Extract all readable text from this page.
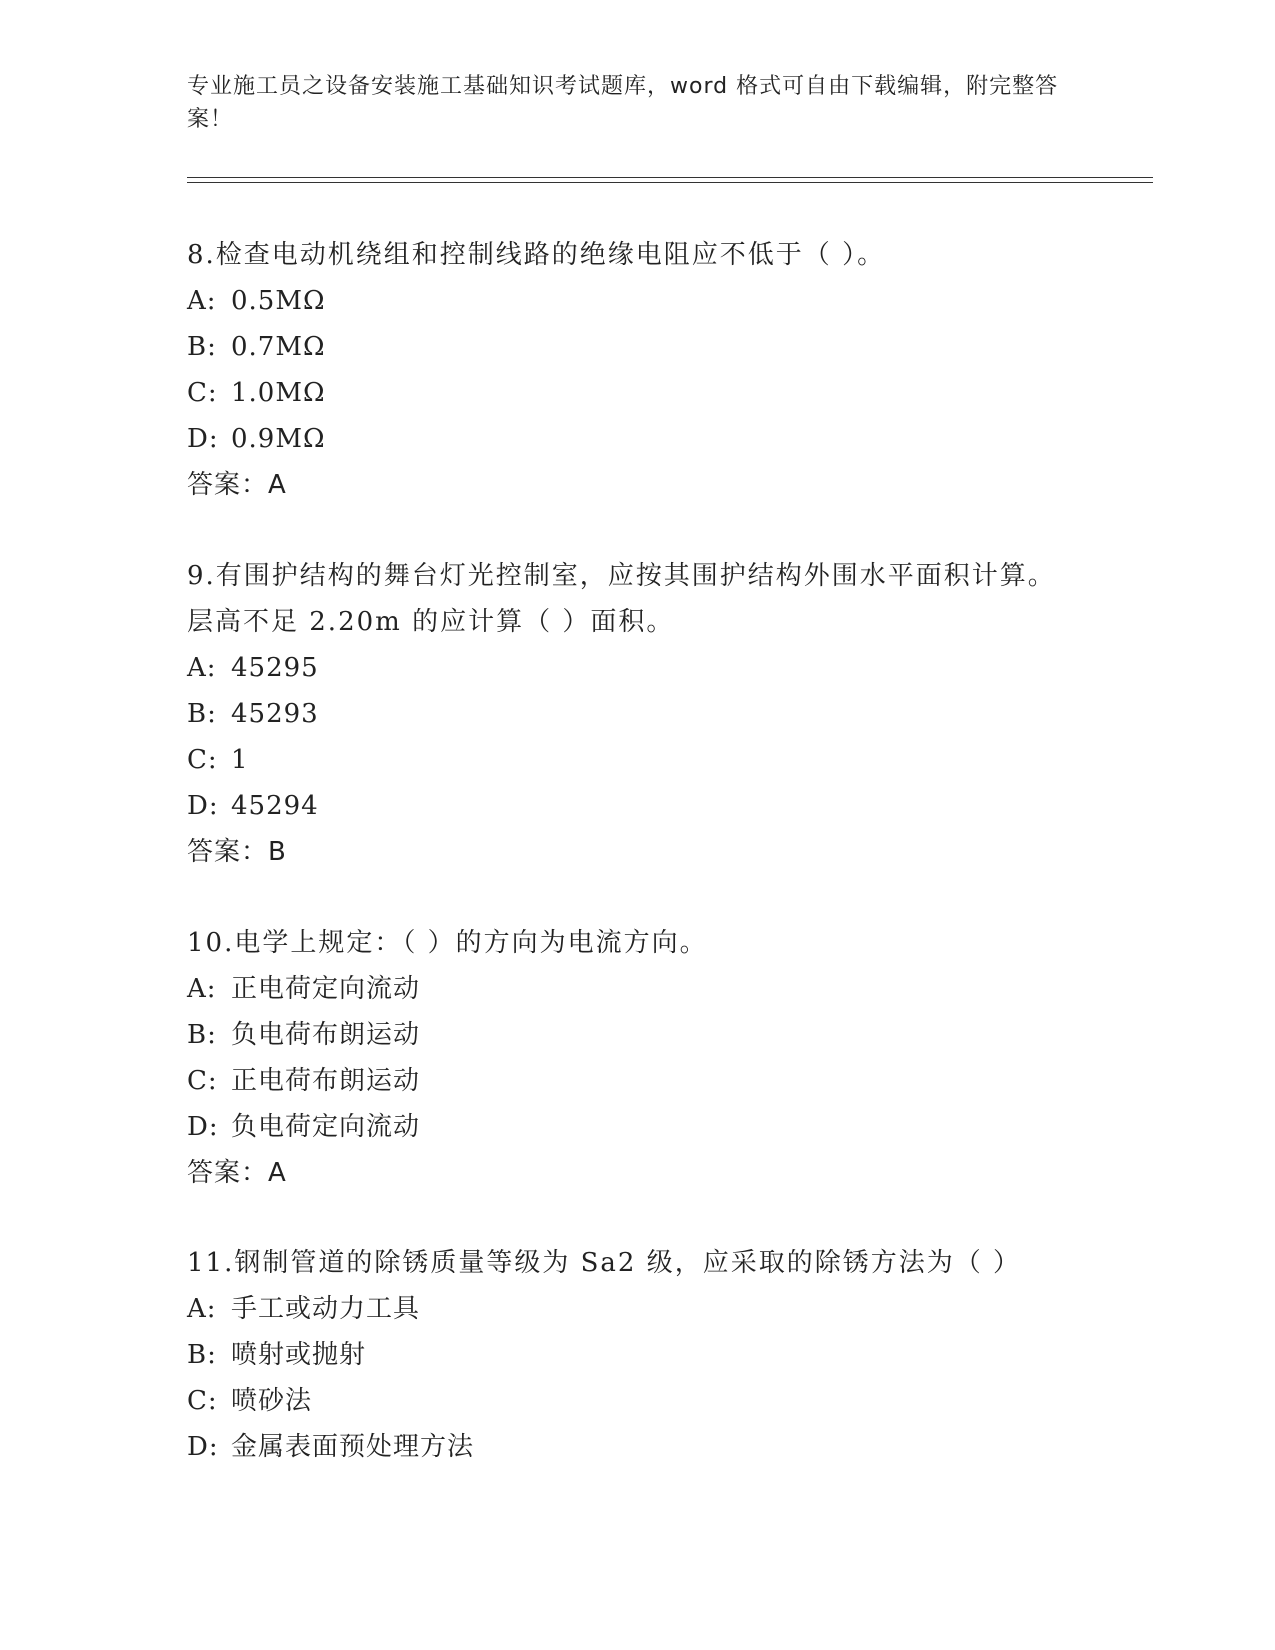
专业施工员之设备安装施工基础知识考试题库，word 格式可自由下载编辑，附完整答案！
8.检查电动机绕组和控制线路的绝缘电阻应不低于（ ）。
A: 0.5MΩ
B: 0.7MΩ
C: 1.0MΩ
D: 0.9MΩ
答案：A
9.有围护结构的舞台灯光控制室，应按其围护结构外围水平面积计算。层高不足 2.20m 的应计算（ ）面积。
A: 45295
B: 45293
C: 1
D: 45294
答案：B
10.电学上规定：（ ）的方向为电流方向。
A: 正电荷定向流动
B: 负电荷布朗运动
C: 正电荷布朗运动
D: 负电荷定向流动
答案：A
11.钢制管道的除锈质量等级为 Sa2 级，应采取的除锈方法为（ ）
A: 手工或动力工具
B: 喷射或抛射
C: 喷砂法
D: 金属表面预处理方法
